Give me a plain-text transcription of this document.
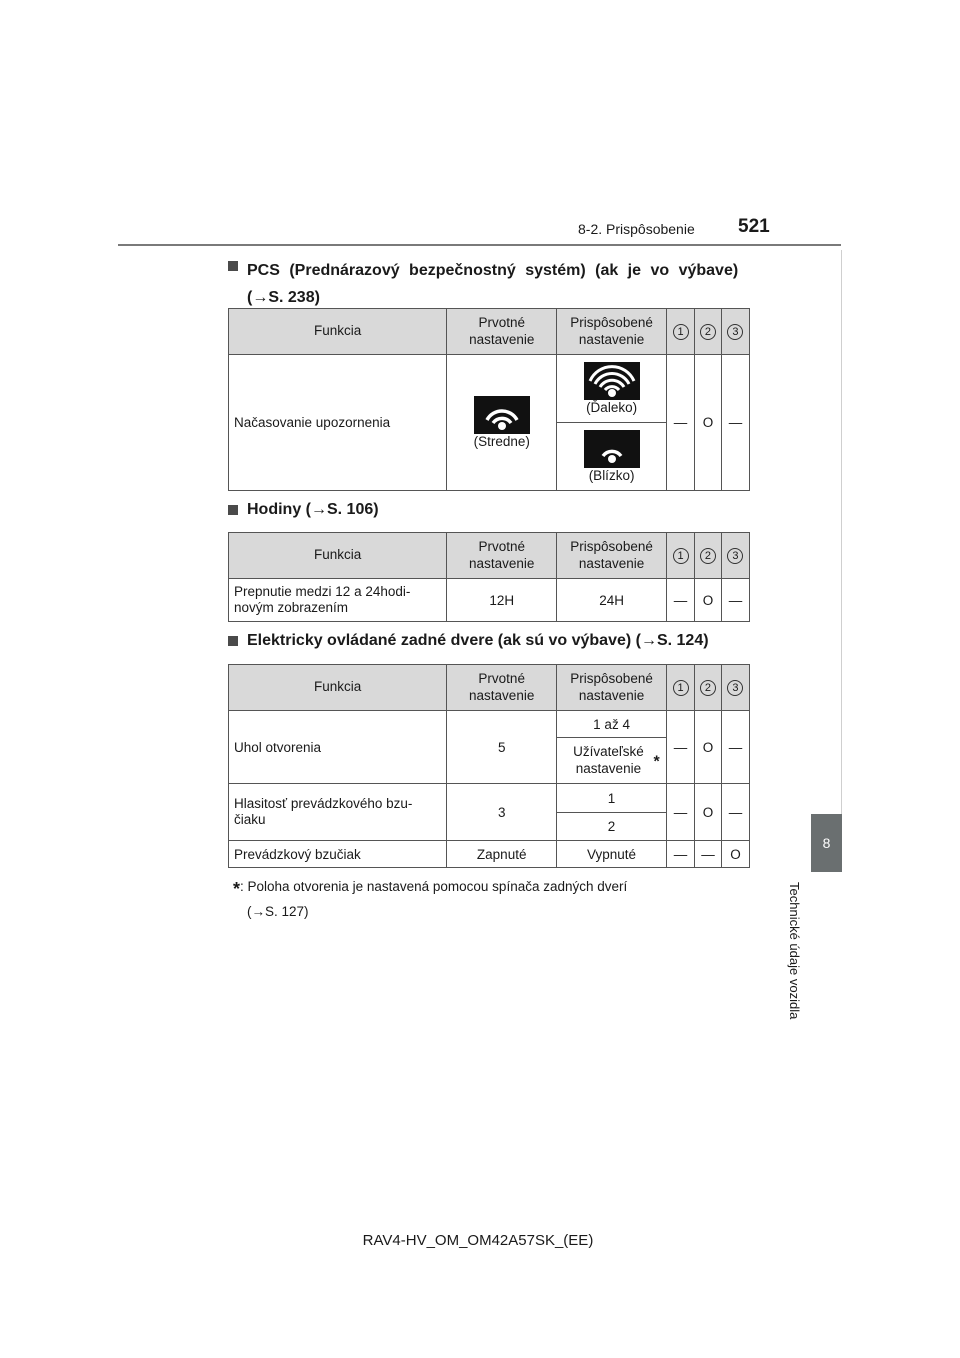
8-2. Prispôsobenie 521
8
Technické údaje vozidla
PCS (Prednárazový bezpečnostný systém) (ak je vo výbave)
(→S. 238)
Funkcia	Prvotné nastavenie	Prispôsobené nastavenie	1	2	3
Načasovanie upozornenia	(Stredne)	(Ďaleko)	—	O	—

		(Blízko)			
Hodiny (→S. 106)
Funkcia	Prvotné nastavenie	Prispôsobené nastavenie	1	2	3
Prepnutie medzi 12 a 24hodi-
novým zobrazením	12H	24H	—	O	—
Elektricky ovládané zadné dvere (ak sú vo výbave) (→S. 124)
Funkcia	Prvotné nastavenie	Prispôsobené nastavenie	1	2	3
Uhol otvorenia	5	1 až 4	—	O	—
		Užívateľské nastavenie *
Hlasitosť prevádzkového bzu-
čiaku	3	1	—	O	—
		2			
Prevádzkový bzučiak	Zapnuté	Vypnuté	—	—	O
*: Poloha otvorenia je nastavená pomocou spínača zadných dverí
(→S. 127)
RAV4-HV_OM_OM42A57SK_(EE)
